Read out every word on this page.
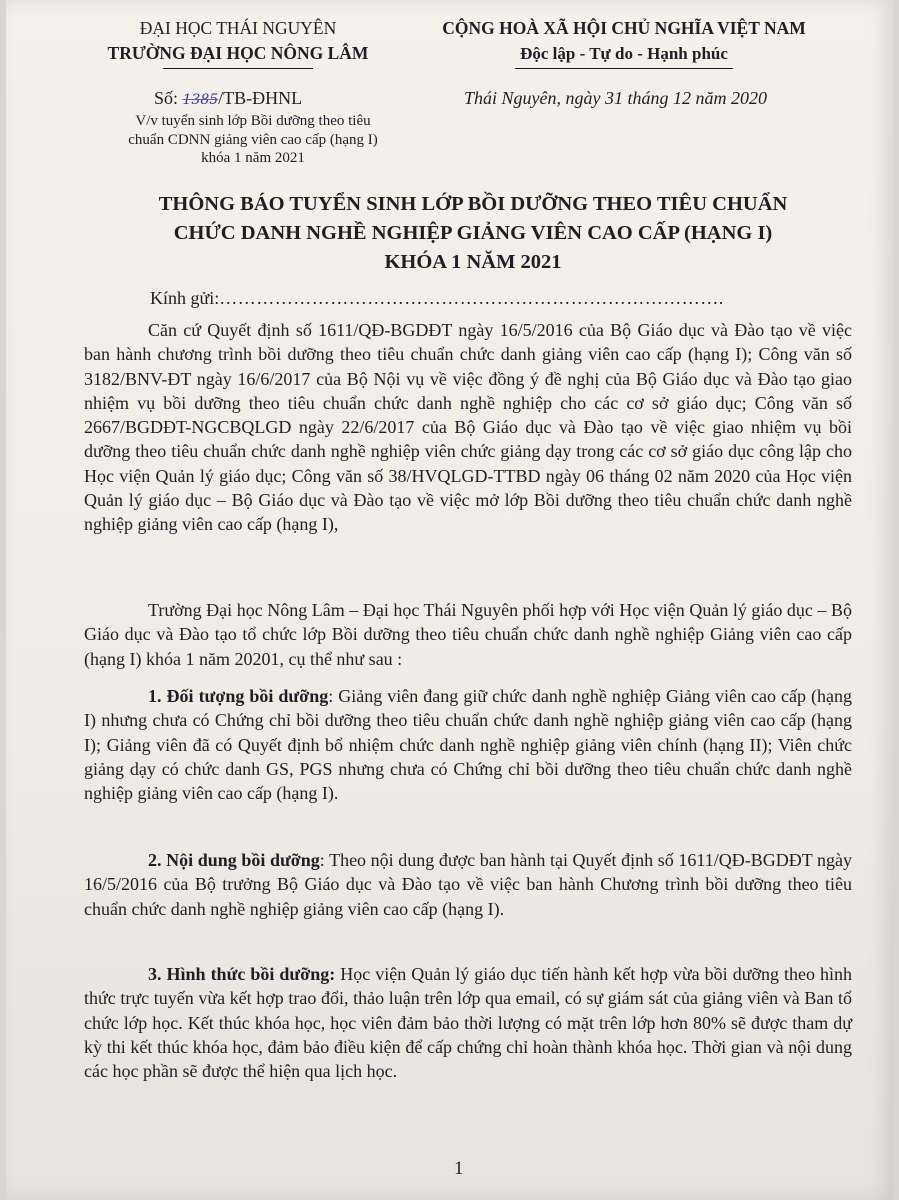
ĐẠI HỌC THÁI NGUYÊN
TRƯỜNG ĐẠI HỌC NÔNG LÂM
CỘNG HOÀ XÃ HỘI CHỦ NGHĨA VIỆT NAM
Độc lập - Tự do - Hạnh phúc
Số: 1385/TB-ĐHNL
V/v tuyển sinh lớp Bồi dưỡng theo tiêu chuẩn CDNN giảng viên cao cấp (hạng I) khóa 1 năm 2021
Thái Nguyên, ngày 31 tháng 12 năm 2020
THÔNG BÁO TUYỂN SINH LỚP BỒI DƯỠNG THEO TIÊU CHUẨN
CHỨC DANH NGHỀ NGHIỆP GIẢNG VIÊN CAO CẤP (HẠNG I)
KHÓA 1 NĂM 2021
Kính gửi:……………………………………………………………………….

Căn cứ Quyết định số 1611/QĐ-BGDĐT ngày 16/5/2016 của Bộ Giáo dục và Đào tạo về việc ban hành chương trình bồi dưỡng theo tiêu chuẩn chức danh giảng viên cao cấp (hạng I); Công văn số 3182/BNV-ĐT ngày 16/6/2017 của Bộ Nội vụ về việc đồng ý đề nghị của Bộ Giáo dục và Đào tạo giao nhiệm vụ bồi dưỡng theo tiêu chuẩn chức danh nghề nghiệp cho các cơ sở giáo dục; Công văn số 2667/BGDĐT-NGCBQLGD ngày 22/6/2017 của Bộ Giáo dục và Đào tạo về việc giao nhiệm vụ bồi dưỡng theo tiêu chuẩn chức danh nghề nghiệp viên chức giảng dạy trong các cơ sở giáo dục công lập cho Học viện Quản lý giáo dục; Công văn số 38/HVQLGD-TTBD ngày 06 tháng 02 năm 2020 của Học viện Quản lý giáo dục – Bộ Giáo dục và Đào tạo về việc mở lớp Bồi dưỡng theo tiêu chuẩn chức danh nghề nghiệp giảng viên cao cấp (hạng I),

Trường Đại học Nông Lâm – Đại học Thái Nguyên phối hợp với Học viện Quản lý giáo dục – Bộ Giáo dục và Đào tạo tổ chức lớp Bồi dưỡng theo tiêu chuẩn chức danh nghề nghiệp Giảng viên cao cấp (hạng I) khóa 1 năm 20201, cụ thể như sau :

1. Đối tượng bồi dưỡng: Giảng viên đang giữ chức danh nghề nghiệp Giảng viên cao cấp (hạng I) nhưng chưa có Chứng chỉ bồi dưỡng theo tiêu chuẩn chức danh nghề nghiệp giảng viên cao cấp (hạng I); Giảng viên đã có Quyết định bổ nhiệm chức danh nghề nghiệp giảng viên chính (hạng II); Viên chức giảng dạy có chức danh GS, PGS nhưng chưa có Chứng chỉ bồi dưỡng theo tiêu chuẩn chức danh nghề nghiệp giảng viên cao cấp (hạng I).

2. Nội dung bồi dưỡng: Theo nội dung được ban hành tại Quyết định số 1611/QĐ-BGDĐT ngày 16/5/2016 của Bộ trưởng Bộ Giáo dục và Đào tạo về việc ban hành Chương trình bồi dưỡng theo tiêu chuẩn chức danh nghề nghiệp giảng viên cao cấp (hạng I).

3. Hình thức bồi dưỡng: Học viện Quản lý giáo dục tiến hành kết hợp vừa bồi dưỡng theo hình thức trực tuyến vừa kết hợp trao đổi, thảo luận trên lớp qua email, có sự giám sát của giảng viên và Ban tổ chức lớp học. Kết thúc khóa học, học viên đảm bảo thời lượng có mặt trên lớp hơn 80% sẽ được tham dự kỳ thi kết thúc khóa học, đảm bảo điều kiện để cấp chứng chỉ hoàn thành khóa học. Thời gian và nội dung các học phần sẽ được thể hiện qua lịch học.

1
